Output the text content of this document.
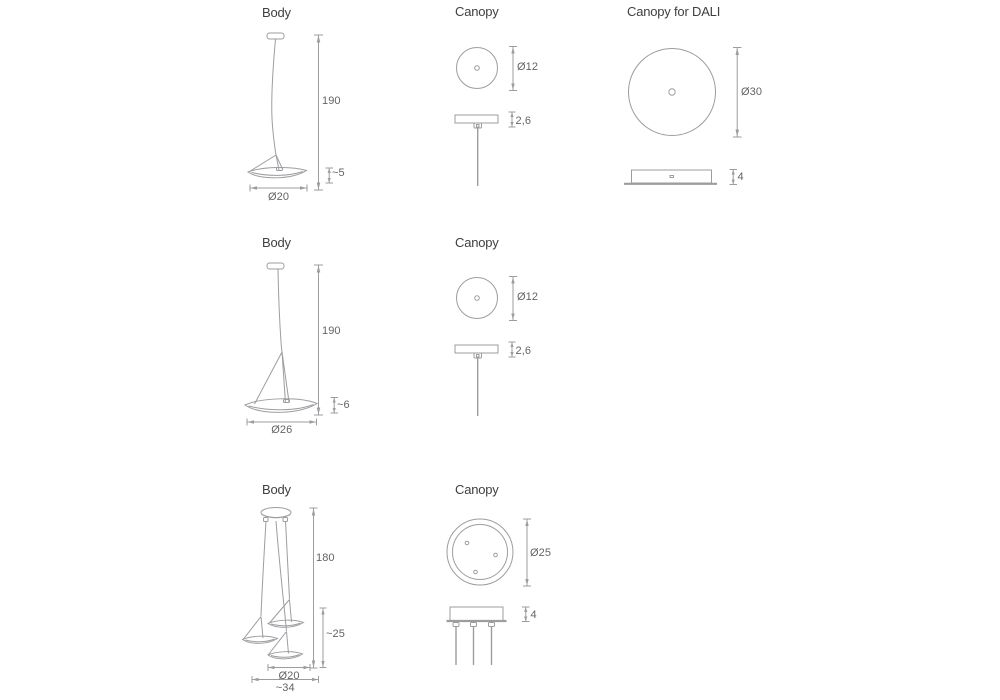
Body
190
~5
Ø20
Canopy
Ø12
2,6
Canopy for DALI
Ø30
4
Body
190
~6
Ø26
Canopy
Ø12
2,6
Body
180
~25
Ø20
~34
Canopy
Ø25
4
